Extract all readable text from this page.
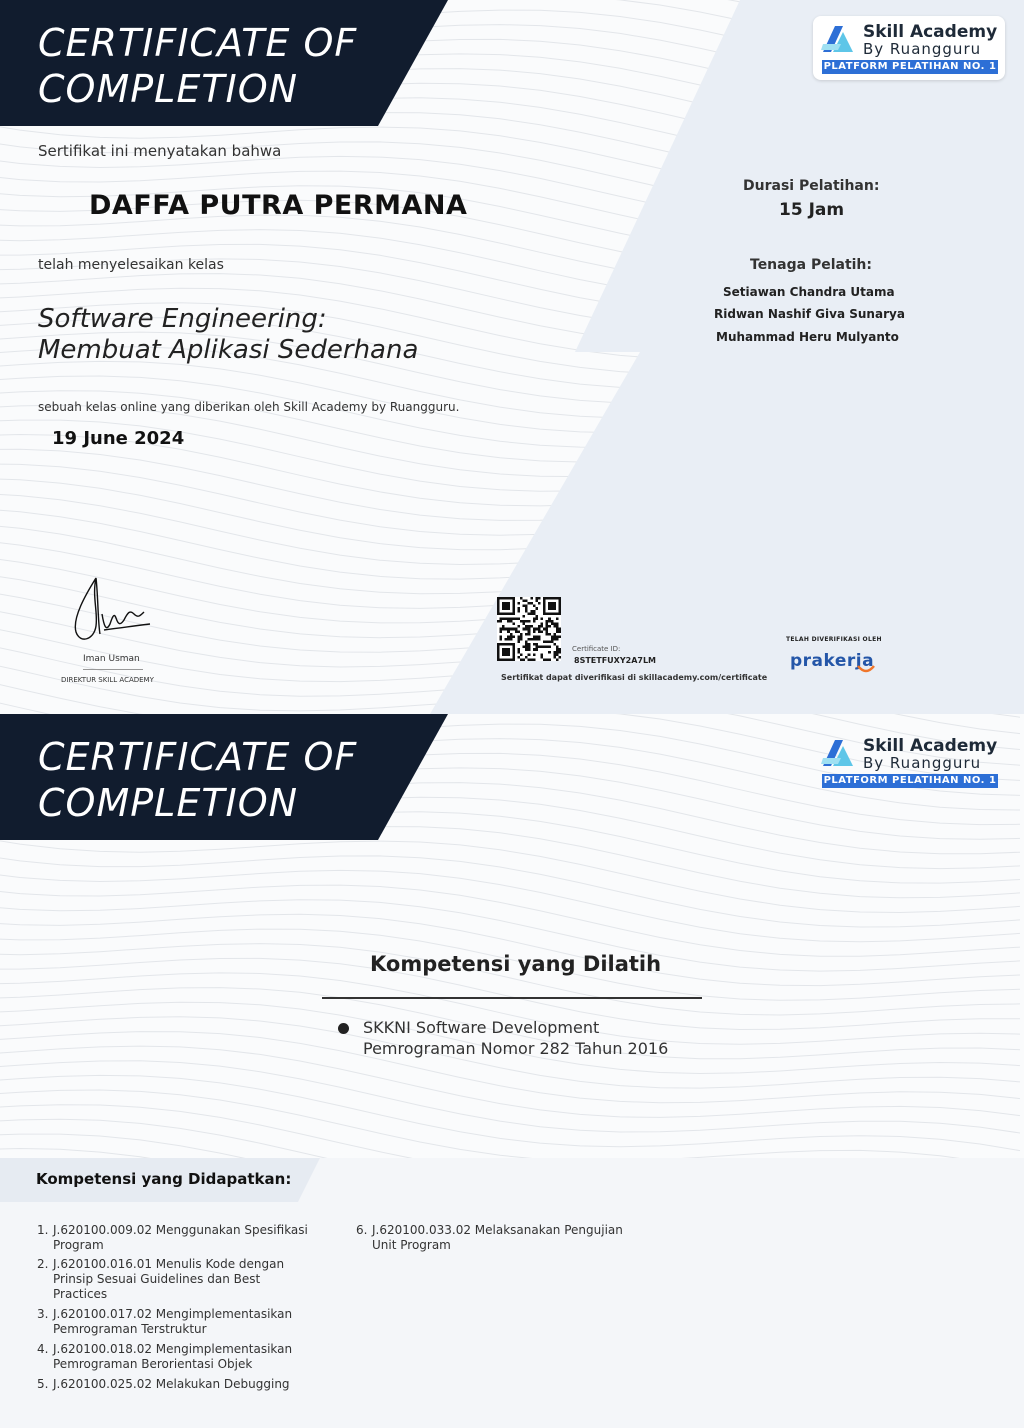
CERTIFICATE OF
COMPLETION
Skill Academy
By Ruangguru
PLATFORM PELATIHAN NO. 1
Sertifikat ini menyatakan bahwa
DAFFA PUTRA PERMANA
telah menyelesaikan kelas
Software Engineering:
Membuat Aplikasi Sederhana
sebuah kelas online yang diberikan oleh Skill Academy by Ruangguru.
19 June 2024
Durasi Pelatihan:
15 Jam
Tenaga Pelatih:
Setiawan Chandra Utama
Ridwan Nashif Giva Sunarya
Muhammad Heru Mulyanto
Iman Usman
DIREKTUR SKILL ACADEMY
Certificate ID:
8STETFUXY2A7LM
Sertifikat dapat diverifikasi di skillacademy.com/certificate
TELAH DIVERIFIKASI OLEH
prakerja
CERTIFICATE OF
COMPLETION
Skill Academy
By Ruangguru
PLATFORM PELATIHAN NO. 1
Kompetensi yang Dilatih
SKKNI Software Development
Pemrograman Nomor 282 Tahun 2016
Kompetensi yang Didapatkan:
1. J.620100.009.02 Menggunakan Spesifikasi Program
2. J.620100.016.01 Menulis Kode dengan Prinsip Sesuai Guidelines dan Best Practices
3. J.620100.017.02 Mengimplementasikan Pemrograman Terstruktur
4. J.620100.018.02 Mengimplementasikan Pemrograman Berorientasi Objek
5. J.620100.025.02 Melakukan Debugging
6. J.620100.033.02 Melaksanakan Pengujian Unit Program
